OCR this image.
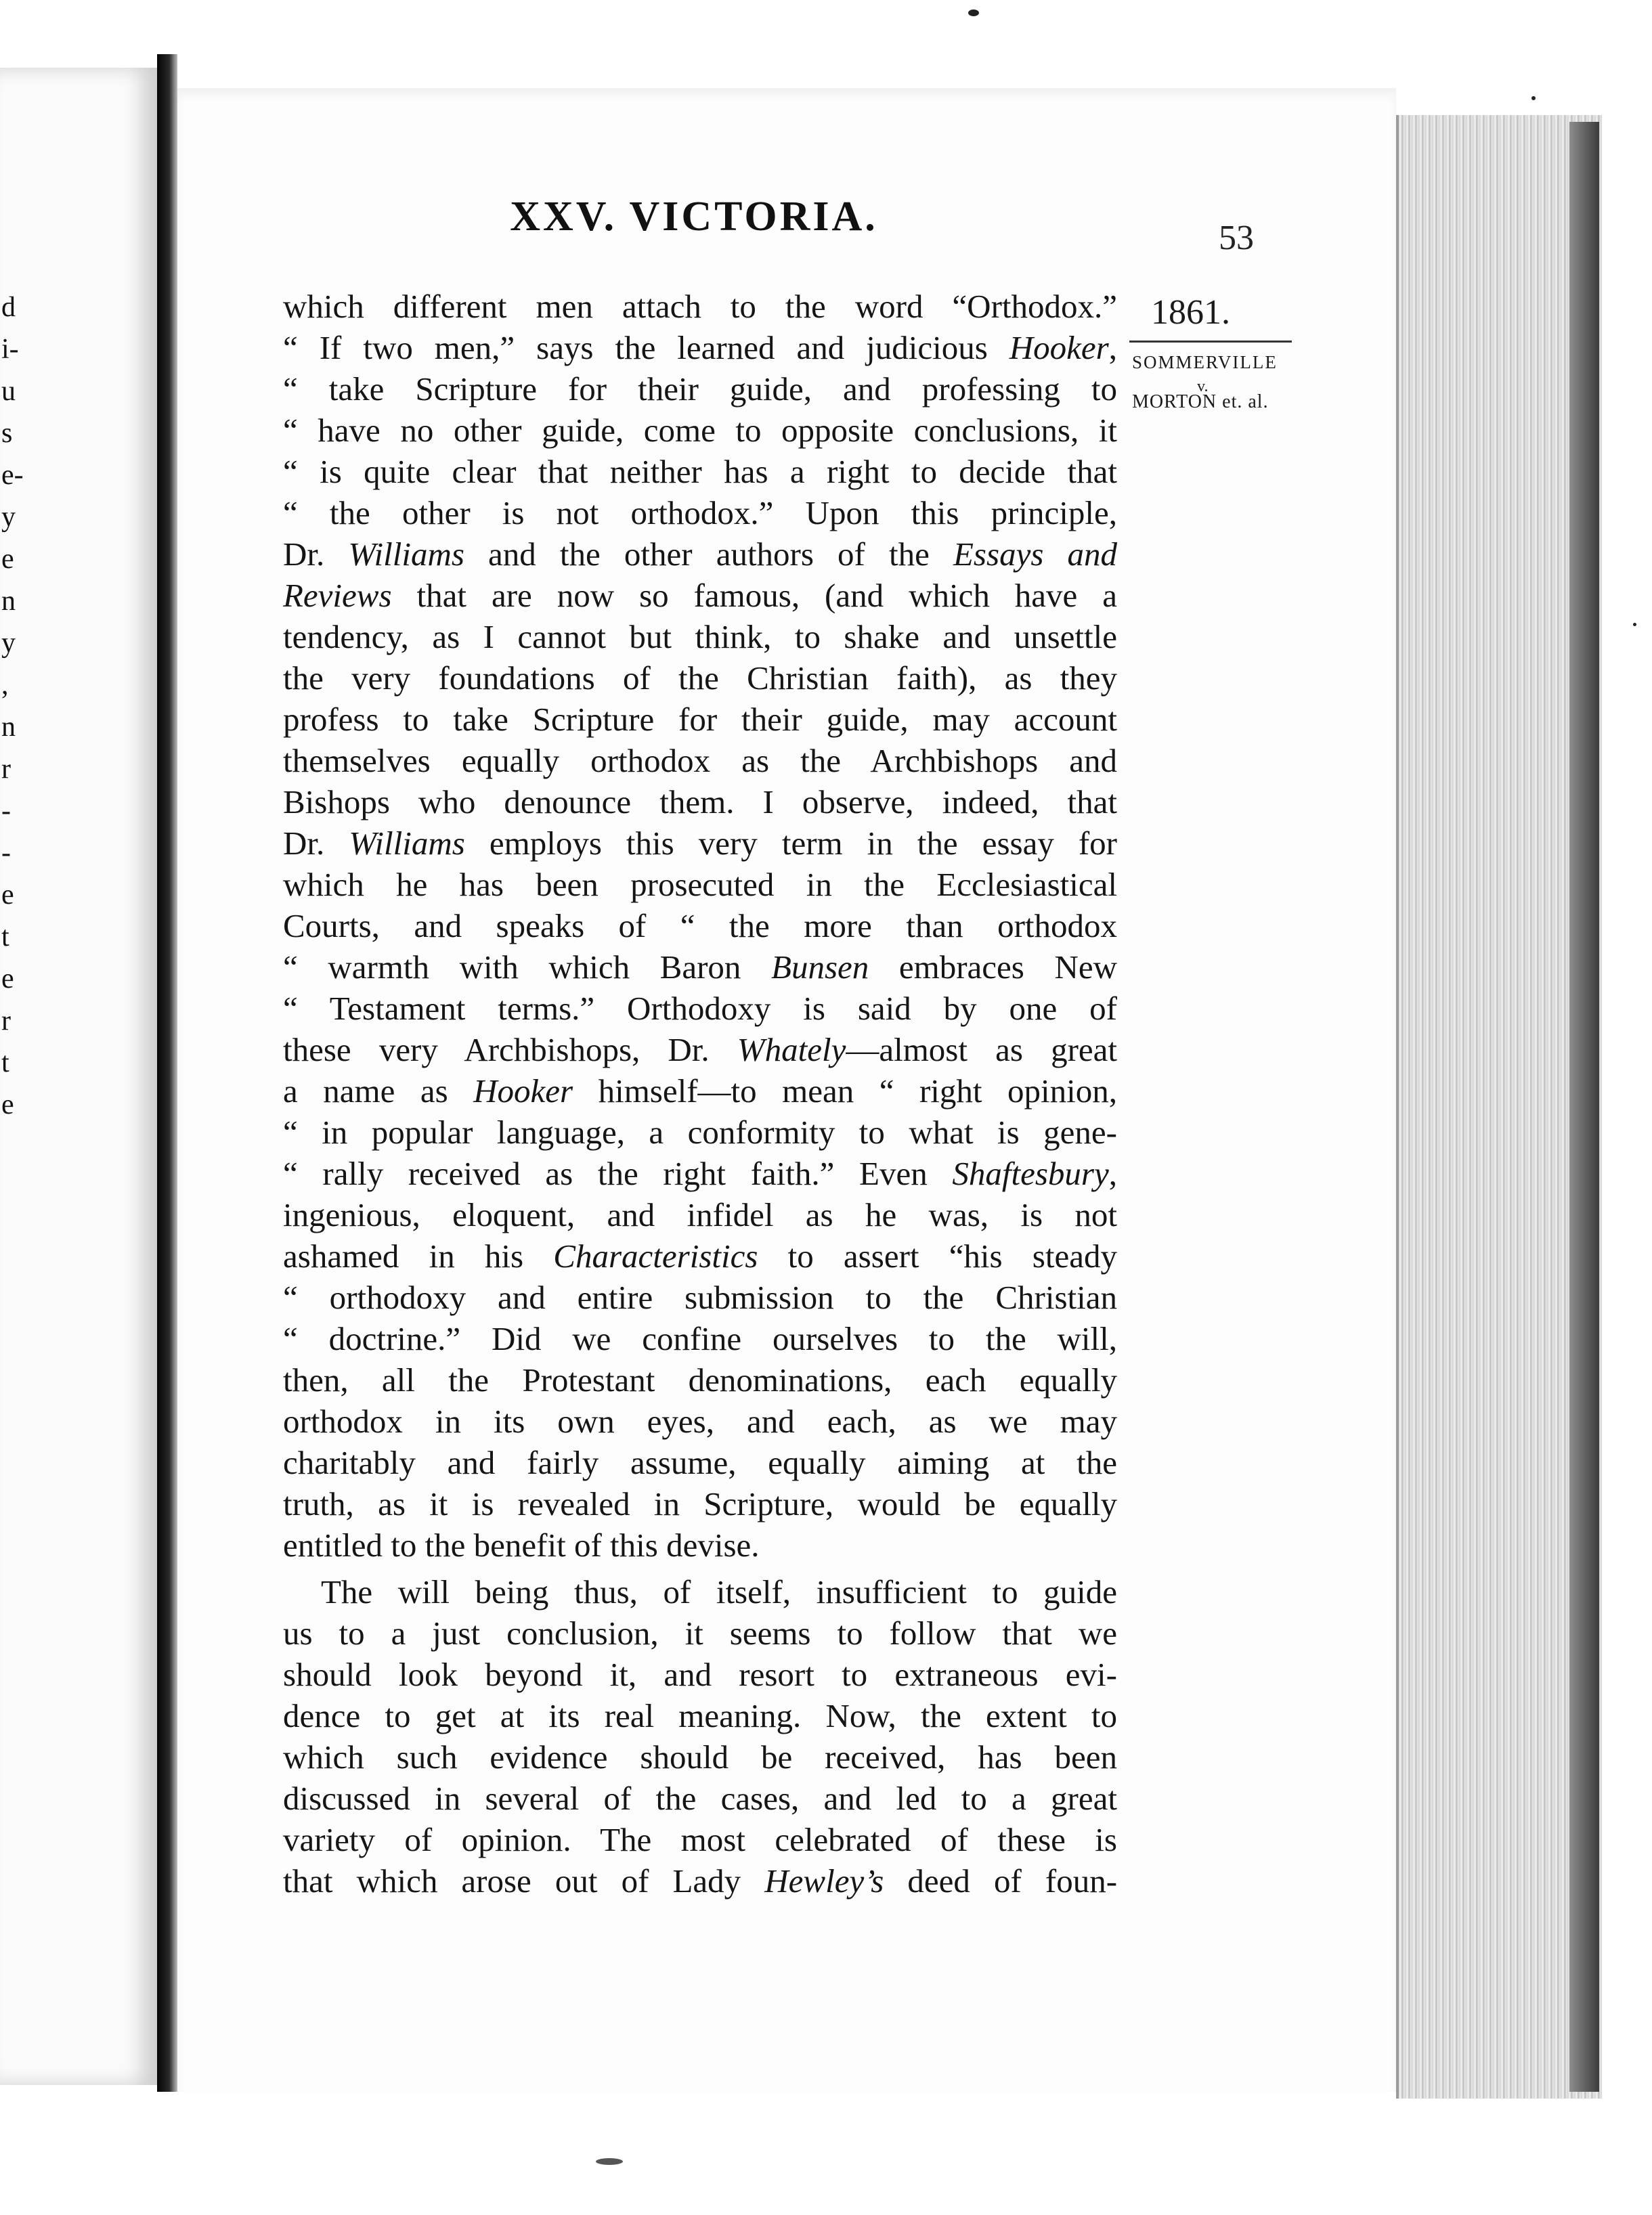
d
i-
u
s
e-
y
e
n
y
,
n
r
-
-
e
t
e
r
t
e
XXV. VICTORIA.	53
1861.
SOMMERVILLE
v.
MORTON et. al.
which different men attach to the word “Orthodox.”
“ If two men,” says the learned and judicious Hooker,
“ take Scripture for their guide, and professing to
“ have no other guide, come to opposite conclusions, it
“ is quite clear that neither has a right to decide that
“ the other is not orthodox.” Upon this principle,
Dr. Williams and the other authors of the Essays and
Reviews that are now so famous, (and which have a
tendency, as I cannot but think, to shake and unsettle
the very foundations of the Christian faith), as they
profess to take Scripture for their guide, may account
themselves equally orthodox as the Archbishops and
Bishops who denounce them. I observe, indeed, that
Dr. Williams employs this very term in the essay for
which he has been prosecuted in the Ecclesiastical
Courts, and speaks of “ the more than orthodox
“ warmth with which Baron Bunsen embraces New
“ Testament terms.” Orthodoxy is said by one of
these very Archbishops, Dr. Whately—almost as great
a name as Hooker himself—to mean “ right opinion,
“ in popular language, a conformity to what is gene-
“ rally received as the right faith.” Even Shaftesbury,
ingenious, eloquent, and infidel as he was, is not
ashamed in his Characteristics to assert “his steady
“ orthodoxy and entire submission to the Christian
“ doctrine.” Did we confine ourselves to the will,
then, all the Protestant denominations, each equally
orthodox in its own eyes, and each, as we may
charitably and fairly assume, equally aiming at the
truth, as it is revealed in Scripture, would be equally
entitled to the benefit of this devise.
The will being thus, of itself, insufficient to guide
us to a just conclusion, it seems to follow that we
should look beyond it, and resort to extraneous evi-
dence to get at its real meaning. Now, the extent to
which such evidence should be received, has been
discussed in several of the cases, and led to a great
variety of opinion. The most celebrated of these is
that which arose out of Lady Hewley’s deed of foun-
